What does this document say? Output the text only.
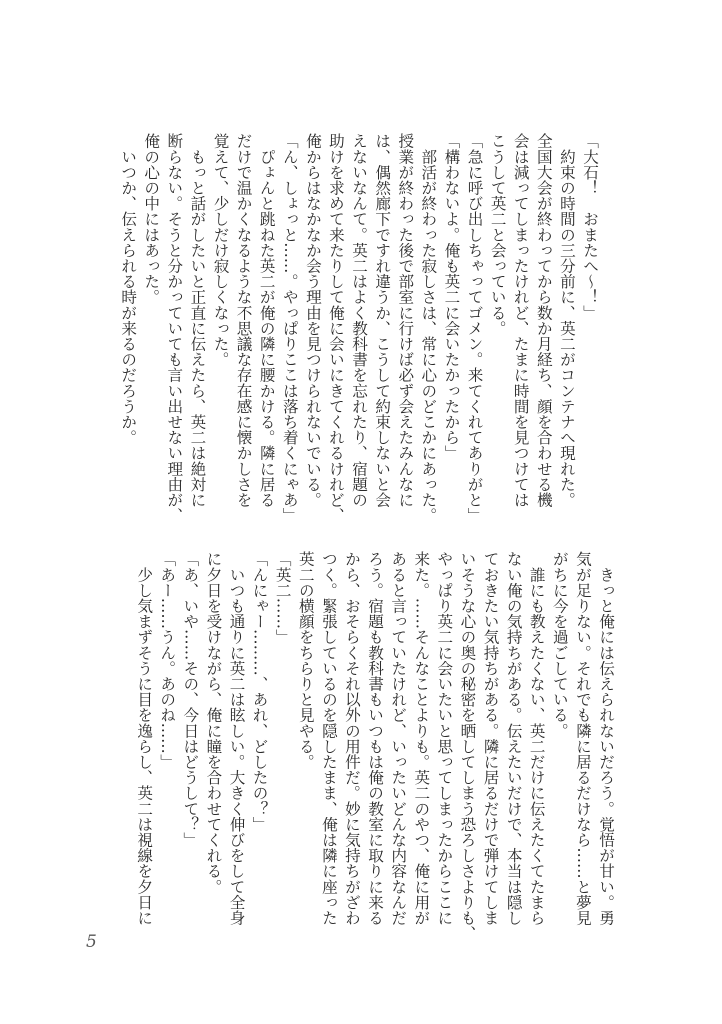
「大石！　おまたへ〜！」
　約束の時間の三分前に、英二がコンテナへ現れた。
全国大会が終わってから数か月経ち、顔を合わせる機
会は減ってしまったけれど、たまに時間を見つけては
こうして英二と会っている。
「急に呼び出しちゃってゴメン。来てくれてありがと」
「構わないよ。俺も英二に会いたかったから」
　部活が終わった寂しさは、常に心のどこかにあった。
授業が終わった後で部室に行けば必ず会えたみんなに
は、偶然廊下ですれ違うか、こうして約束しないと会
えないなんて。英二はよく教科書を忘れたり、宿題の
助けを求めて来たりして俺に会いにきてくれるけれど、
俺からはなかなか会う理由を見つけられないでいる。
「ん、しょっと……。やっぱりここは落ち着くにゃあ」
　ぴょんと跳ねた英二が俺の隣に腰かける。隣に居る
だけで温かくなるような不思議な存在感に懐かしさを
覚えて、少しだけ寂しくなった。
　もっと話がしたいと正直に伝えたら、英二は絶対に
断らない。そうと分かっていても言い出せない理由が、
俺の心の中にはあった。
　いつか、伝えられる時が来るのだろうか。
　きっと俺には伝えられないだろう。覚悟が甘い。勇
気が足りない。それでも隣に居るだけなら……と夢見
がちに今を過ごしている。
　誰にも教えたくない、英二だけに伝えたくてたまら
ない俺の気持ちがある。伝えたいだけで、本当は隠し
ておきたい気持ちがある。隣に居るだけで弾けてしま
いそうな心の奥の秘密を晒してしまう恐ろしさよりも、
やっぱり英二に会いたいと思ってしまったからここに
来た。……そんなことよりも。英二のやつ、俺に用が
あると言っていたけれど、いったいどんな内容なんだ
ろう。宿題も教科書もいつもは俺の教室に取りに来る
から、おそらくそれ以外の用件だ。妙に気持ちがざわ
つく。緊張しているのを隠したまま、俺は隣に座った
英二の横顔をちらりと見やる。
「英二……」
「んにゃー………、あれ、どしたの？」
　いつも通りに英二は眩しい。大きく伸びをして全身
に夕日を受けながら、俺に瞳を合わせてくれる。
「あ、いや……その、今日はどうして？」
「あー……うん。あのね……」
　少し気まずそうに目を逸らし、英二は視線を夕日に
5
